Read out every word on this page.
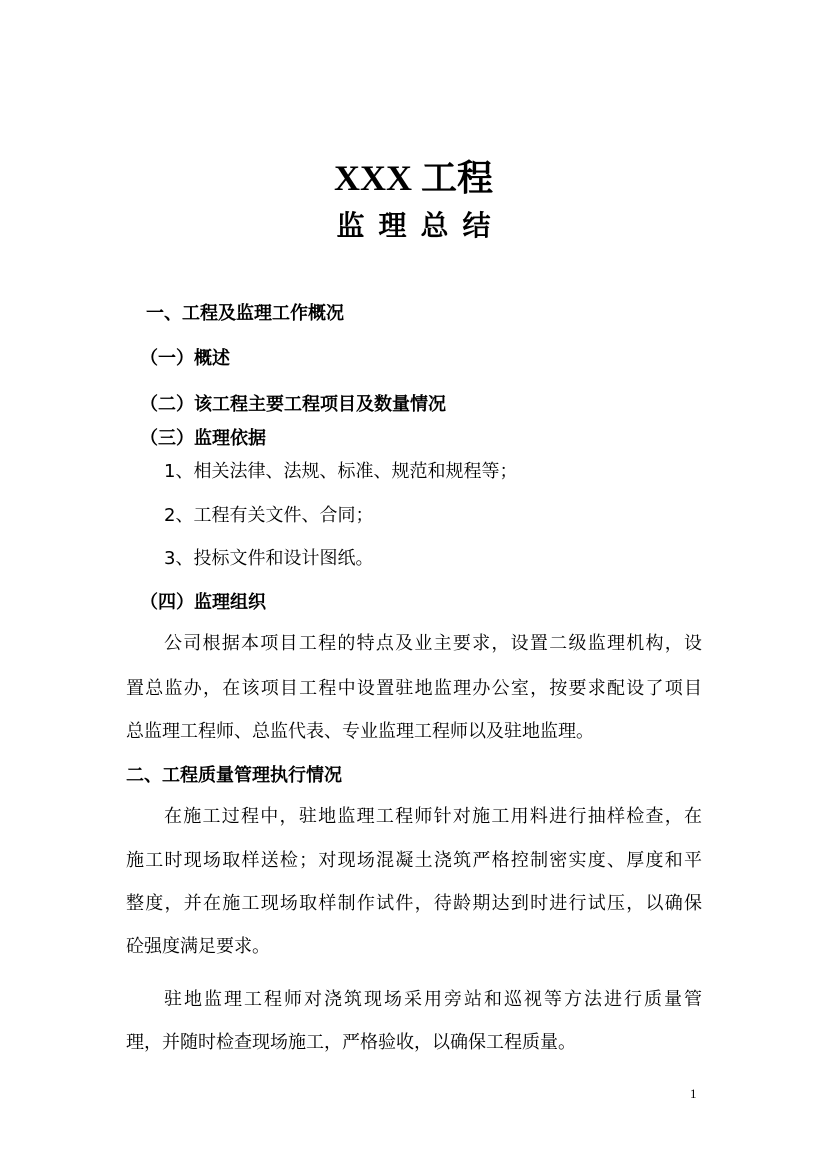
XXX 工程
监理总结
一、工程及监理工作概况
（一）概述
（二）该工程主要工程项目及数量情况
（三）监理依据
1、相关法律、法规、标准、规范和规程等；
2、工程有关文件、合同；
3、投标文件和设计图纸。
（四）监理组织
公司根据本项目工程的特点及业主要求，设置二级监理机构，设
置总监办，在该项目工程中设置驻地监理办公室，按要求配设了项目
总监理工程师、总监代表、专业监理工程师以及驻地监理。
二、工程质量管理执行情况
在施工过程中，驻地监理工程师针对施工用料进行抽样检查，在
施工时现场取样送检；对现场混凝土浇筑严格控制密实度、厚度和平
整度，并在施工现场取样制作试件，待龄期达到时进行试压，以确保
砼强度满足要求。
驻地监理工程师对浇筑现场采用旁站和巡视等方法进行质量管
理，并随时检查现场施工，严格验收，以确保工程质量。
1
